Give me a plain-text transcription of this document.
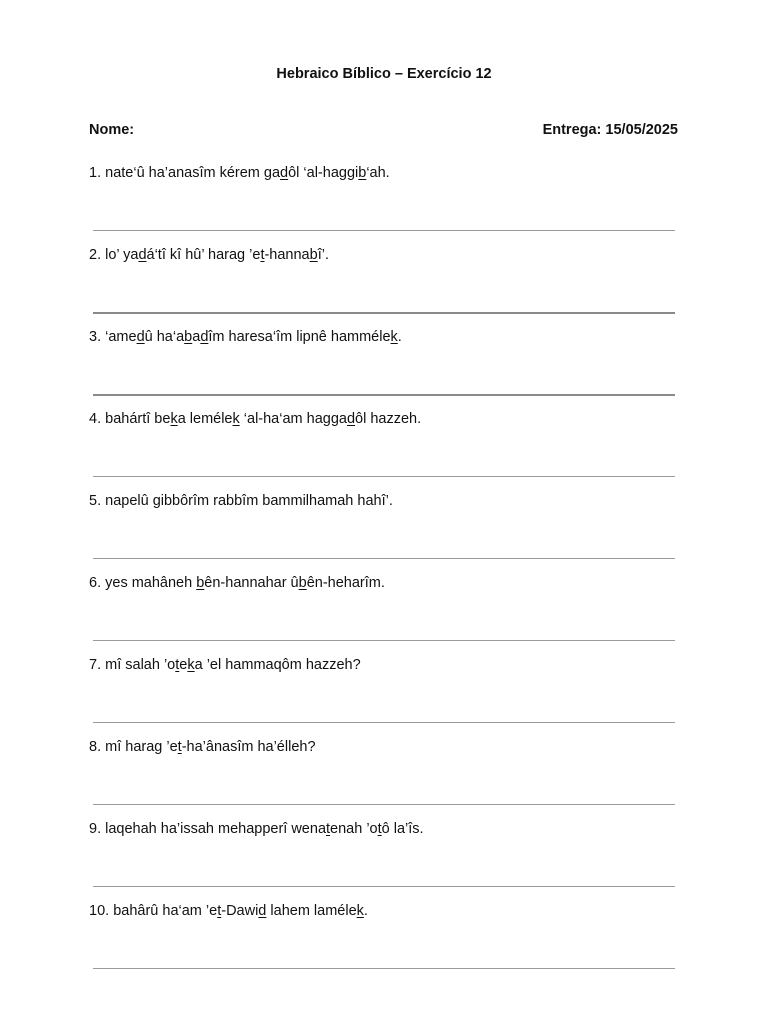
Hebraico Bíblico – Exercício 12
Nome:	Entrega: 15/05/2025
1. nate‘û ha’anasîm kérem gadôl ‘al-haggib‘ah.
2. lo’ yadá‘tî kî hû’ harag ’et-hannabî’.
3. ‘amedû ha‘abadîm haresa‘îm lipnê hammélek.
4. bahártî beka lemélek ‘al-ha‘am haggadôl hazzeh.
5. napelû gibbôrîm rabbîm bammilhamah hahî’.
6. yes mahâneh bên-hannahar ûbên-heharîm.
7. mî salah ’oteka ’el hammaqôm hazzeh?
8. mî harag ’et-ha’ânasîm ha’élleh?
9. laqehah ha’issah mehapperî wenatenah ’otô la’îs.
10. bahârû ha‘am ’et-Dawid lahem lamélek.
